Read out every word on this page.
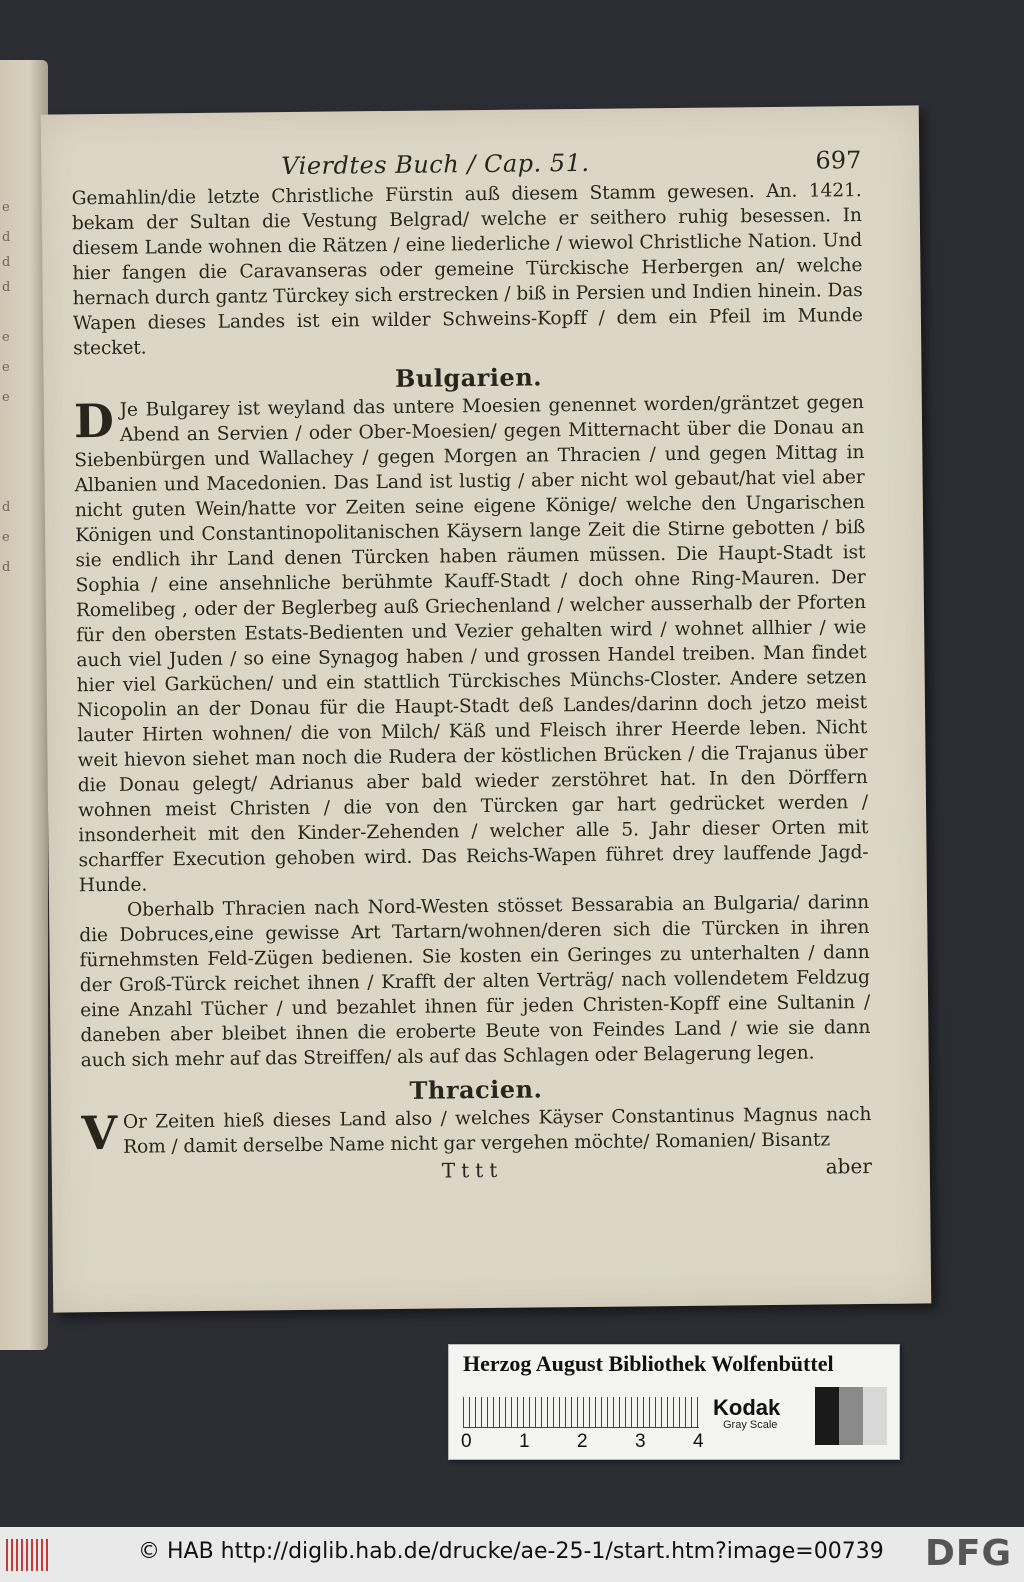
e
d
d
d
e
e
e
d
e
d
Vierdtes Buch / Cap. 51.	697

Gemahlin/die letzte Christliche Fürstin auß diesem Stamm gewesen. An. 1421. bekam der Sultan die Vestung Belgrad/ welche er seithero ruhig besessen. In diesem Lande wohnen die Rätzen / eine liederliche / wiewol Christliche Nation. Und hier fangen die Caravanseras oder gemeine Türckische Herbergen an/ welche hernach durch gantz Türckey sich erstrecken / biß in Persien und Indien hinein. Das Wapen dieses Landes ist ein wilder Schweins-Kopff / dem ein Pfeil im Munde stecket.

Bulgarien.

D Je Bulgarey ist weyland das untere Moesien genennet worden/gräntzet gegen Abend an Servien / oder Ober-Moesien/ gegen Mitternacht über die Donau an Siebenbürgen und Wallachey / gegen Morgen an Thracien / und gegen Mittag in Albanien und Macedonien. Das Land ist lustig / aber nicht wol gebaut/hat viel aber nicht guten Wein/hatte vor Zeiten seine eigene Könige/ welche den Ungarischen Königen und Constantinopolitanischen Käysern lange Zeit die Stirne gebotten / biß sie endlich ihr Land denen Türcken haben räumen müssen. Die Haupt-Stadt ist Sophia / eine ansehnliche berühmte Kauff-Stadt / doch ohne Ring-Mauren. Der Romelibeg , oder der Beglerbeg auß Griechenland / welcher ausserhalb der Pforten für den obersten Estats-Bedienten und Vezier gehalten wird / wohnet allhier / wie auch viel Juden / so eine Synagog haben / und grossen Handel treiben. Man findet hier viel Garküchen/ und ein stattlich Türckisches Münchs-Closter. Andere setzen Nicopolin an der Donau für die Haupt-Stadt deß Landes/darinn doch jetzo meist lauter Hirten wohnen/ die von Milch/ Käß und Fleisch ihrer Heerde leben. Nicht weit hievon siehet man noch die Rudera der köstlichen Brücken / die Trajanus über die Donau gelegt/ Adrianus aber bald wieder zerstöhret hat. In den Dörffern wohnen meist Christen / die von den Türcken gar hart gedrücket werden / insonderheit mit den Kinder-Zehenden / welcher alle 5. Jahr dieser Orten mit scharffer Execution gehoben wird. Das Reichs-Wapen führet drey lauffende Jagd-Hunde.

Oberhalb Thracien nach Nord-Westen stösset Bessarabia an Bulgaria/ darinn die Dobruces,eine gewisse Art Tartarn/wohnen/deren sich die Türcken in ihren fürnehmsten Feld-Zügen bedienen. Sie kosten ein Geringes zu unterhalten / dann der Groß-Türck reichet ihnen / Krafft der alten Verträg/ nach vollendetem Feldzug eine Anzahl Tücher / und bezahlet ihnen für jeden Christen-Kopff eine Sultanin / daneben aber bleibet ihnen die eroberte Beute von Feindes Land / wie sie dann auch sich mehr auf das Streiffen/ als auf das Schlagen oder Belagerung legen.

Thracien.

V Or Zeiten hieß dieses Land also / welches Käyser Constantinus Magnus nach Rom / damit derselbe Name nicht gar vergehen möchte/ Romanien/ Bisantz

Tttt	aber
Herzog August Bibliothek Wolfenbüttel
0 1 2 3 4
Kodak
Gray Scale
© HAB http://diglib.hab.de/drucke/ae-25-1/start.htm?image=00739 DFG
